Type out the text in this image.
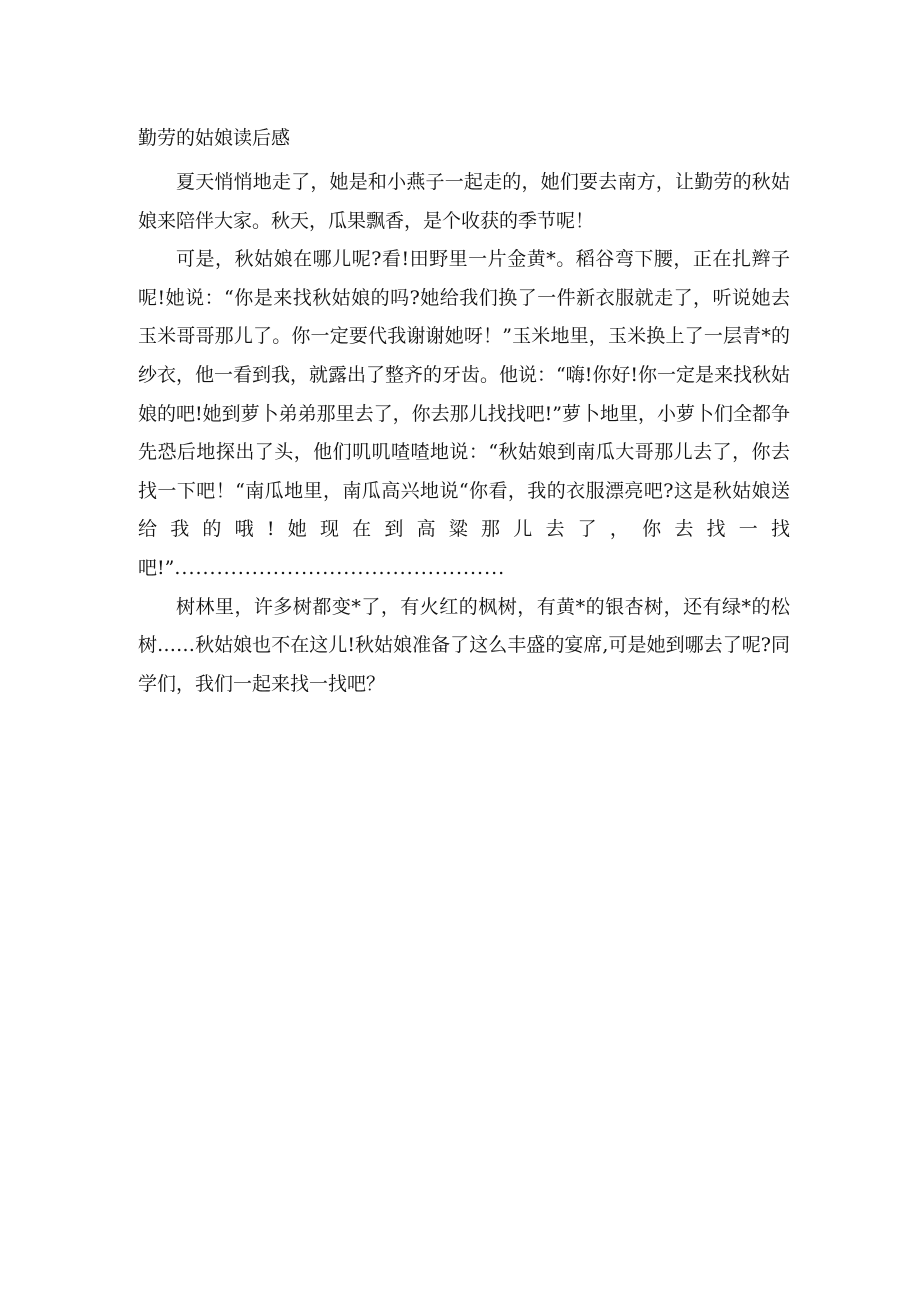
勤劳的姑娘读后感

夏天悄悄地走了，她是和小燕子一起走的，她们要去南方，让勤劳的秋姑娘来陪伴大家。秋天，瓜果飘香，是个收获的季节呢！

可是，秋姑娘在哪儿呢?看!田野里一片金黄*。稻谷弯下腰，正在扎辫子呢!她说：“你是来找秋姑娘的吗?她给我们换了一件新衣服就走了，听说她去玉米哥哥那儿了。你一定要代我谢谢她呀！”玉米地里，玉米换上了一层青*的纱衣，他一看到我，就露出了整齐的牙齿。他说：“嗨!你好!你一定是来找秋姑娘的吧!她到萝卜弟弟那里去了，你去那儿找找吧!”萝卜地里，小萝卜们全都争先恐后地探出了头，他们叽叽喳喳地说：“秋姑娘到南瓜大哥那儿去了，你去找一下吧！“南瓜地里，南瓜高兴地说“你看，我的衣服漂亮吧?这是秋姑娘送给我的哦!她现在到高粱那儿去了，你去找一找吧!”...............................................

树林里，许多树都变*了，有火红的枫树，有黄*的银杏树，还有绿*的松树……秋姑娘也不在这儿!秋姑娘准备了这么丰盛的宴席,可是她到哪去了呢?同学们，我们一起来找一找吧？
